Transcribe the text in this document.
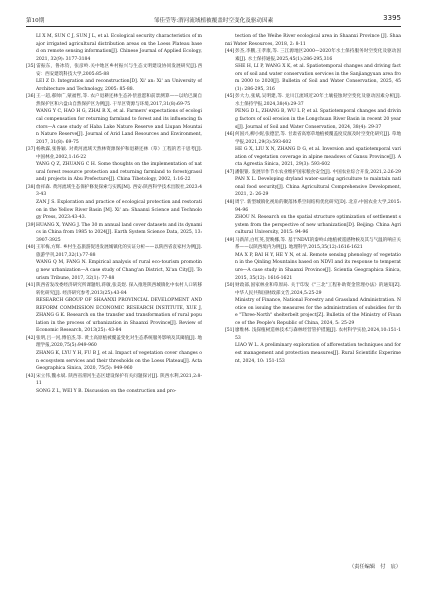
第10期	邹佳莹等:渭河流域植被覆盖时空变化及驱动因素	3395

LI X M, SUN C J, SUN J L, et al. Ecological security characteristics of major irrigated agricultural distribution areas on the Loess Plateau based on remote sensing information[J]. Chinese Journal of Applied Ecology, 2021, 32(9): 3177-3184

[35]雷振东，鲁冰钧，张彦岭.关中地区乡村振兴与生态文明建设协同发展研究[J].西安：西安建筑科技大学,2005:85-88

LEI Z D. Integration and reconstruction[D]. Xi' an: Xi' an University of Architecture and Technology, 2005: 85-88.

[36]王一超,郝帅广,蒙福哲,等. 农户退耕还林生态补偿意愿和前景测算——以哈巴湖自然保护区和六盘山自然保护区为例[J]. 干旱区资源与环境,2017,31(8):69-75

WANG Y C, HAO H G, ZHAI R X, et al. Farmers' expectations of ecological compensation for returning farmland to forest and its influencing factors—A case study of Haba Lake Nature Reserve and Liupan Mountain Nature Reserve[J]. Journal of Arid Land Resources and Environment, 2017, 31(8): 69-75

[37]杨秋霖,张鲁颖. 对黄河流域天然林资源保护和退耕还林（草）工程的若干思考[J]. 中国林业,2002,1:16-22

YANG Q Z, ZHUANG C H. Some thoughts on the implementation of natural forest resource protection and returning farmland to forest(grassland) projects in Abu Prefecture[J]. China Tibetology, 2002, 1:16-22

[38]詹祥森. 黄河流域生态保护修复探索与实践[M]. 西安:陕西科学技术出版社,2023:43-43

ZAN J S. Exploration and practice of ecological protection and restoration in the Yellow River Basin [M]. Xi' an: Shaanxi Science and Technology Press, 2023:43-43.

[39]HUANG X, YANG J. The 30 m annual land cover datasets and its dynamics in China from 1985 to 2024[J]. Earth System Science Data, 2025, 13: 3907-3925

[40]王军梅,方辉. 乡村生态旅游促进发展城镇化的实证分析——以陕西省袁家村为例[J]. 旅游学刊,2017,32(1):77-88

WANG Q M, FANG N. Empirical analysis of rural eco-tourism promoting new urbanization—A case study of Chang'an District, Xi'an City[J]. Tourism Tribune, 2017, 32(1): 77-88

[41]陕西省发改委经济研究所课题组,蒋敏,张美煜. 探入推进陕西城镇化中农村人口转移转化研究[J]. 经济研究参考,2013(25):43-84

RESEARCH GROUP OF SHAANXI PROVINCIAL DEVELOPMENT AND REFORM COMMISSION ECONOMIC RESEARCH INSTITUTE, XUE J, ZHANG G K. Research on the transfer and transformation of rural population in the process of urbanization in Shaanxi Province[J]. Review of Economic Research, 2013(25): 43-84

[42]张明,吕一河,傅伯杰,等. 黄土高原植被覆盖变化对生态系统服务影响及其阈值[J]. 地理学报,2020,75(5):949-960

ZHANG K, LYU Y H, FU B J, et al. Impact of vegetation cover changes on ecosystem services and their thresholds on the Loess Plateau[J]. Acta Geographica Sinica, 2020, 75(5): 949-960

[43]宋立伟,魏永斌. 陕西省渭河生态区建设保护有关问题探讨[J]. 陕西水利,2021,2:8-11

SONG Z L, WEI Y B. Discussion on the construction and pro-

tection of the Weihe River ecological area in Shaanxi Province [J]. Shaanxi Water Resources, 2018, 2: 8-11

[44]彭杰,李鹏,王孝康,等. 三江源地区2000—2020年水土保持服务时空变化及驱动因素[J]. 水土保持通报,2025,45(1):286-295,316

SHE H, LI P, WANG X K, et al. Spatiotemporal changes and driving factors of soil and water conservation services in the Sanjiangyuan area from 2000 to 2020[J]. Bulletin of Soil and Water Conservation, 2025, 45(1): 286-295, 316

[45]彭大力,张斌,吴明建,等. 龙川江流域近20年土壤侵蚀时空变化及驱动因素分析[J]. 水土保持学报,2024,38(4):29-37

PENG D L, ZHANG B, WU L P, et al. Spatiotemporal changes and driving factors of soil erosion in the Longchuan River Basin in recent 20 years[J]. Journal of Soil and Water Conservation, 2024, 38(4): 29-37

[46]何国兴,柳小妮,张德罡,等. 甘肃省高寒草地植被覆盖度反演及时空变化研究[J]. 草地学报,2021,29(3):593-602

HE G X, LIU X N, ZHANG D G, et al. Inversion and spatiotemporal variation of vegetation coverage in alpine meadows of Gansu Province[J]. Acta Agrestia Sinica, 2021, 29(3): 593-602

[47]潘银银. 发展旱作节水农业维护国家粮食安全[J]. 中国农业综合开发,2021,2:26-29

PAN X L. Developing dryland water-saving agriculture to maintain national food security[J]. China Agricultural Comprehensive Development, 2021, 2: 26-29

[48]周宁. 新型城镇化视角的聚落体系空间结构优化研究[D]. 北京:中国农业大学,2015:94-96

ZHOU N. Research on the spatial structure optimization of settlement system from the perspective of new urbanization[D]. Beijing: China Agricultural University, 2015: 94-96

[49]马新萍,白红英,贺映娜,等. 基于NDVI的秦岭山地植被遥感物候及其与气温的响应关系——以陕西境内为例[J]. 地理科学,2015,35(12):1616-1621

MA X P, BAI H Y, HE Y N, et al. Remote sensing phenology of vegetation in the Qinling Mountains based on NDVI and its response to temperature—A case study in Shaanxi Province[J]. Scientia Geographica Sinica, 2015, 35(12): 1616-1621

[50]财政部,国家林业和草原局. 关于印发《"三北"工程补助资金管理办法》的通知[Z]. 中华人民共和国财政部文告,2024,5:25-29

Ministry of Finance, National Forestry and Grassland Administration. Notice on issuing the measures for the administration of subsidies for the "Three-North" shelterbelt project[Z]. Bulletin of the Ministry of Finance of the People's Republic of China, 2024, 5: 25-29

[51]廖维林. 浅探植树造林技术与森林经营管护措施[J]. 农村科学实验,2024,10:151-153

LIAO W L. A preliminary exploration of afforestation techniques and forest management and protection measures[J]. Rural Scientific Experiment, 2024, 10: 151-153

（责任编辑　付　宸）
